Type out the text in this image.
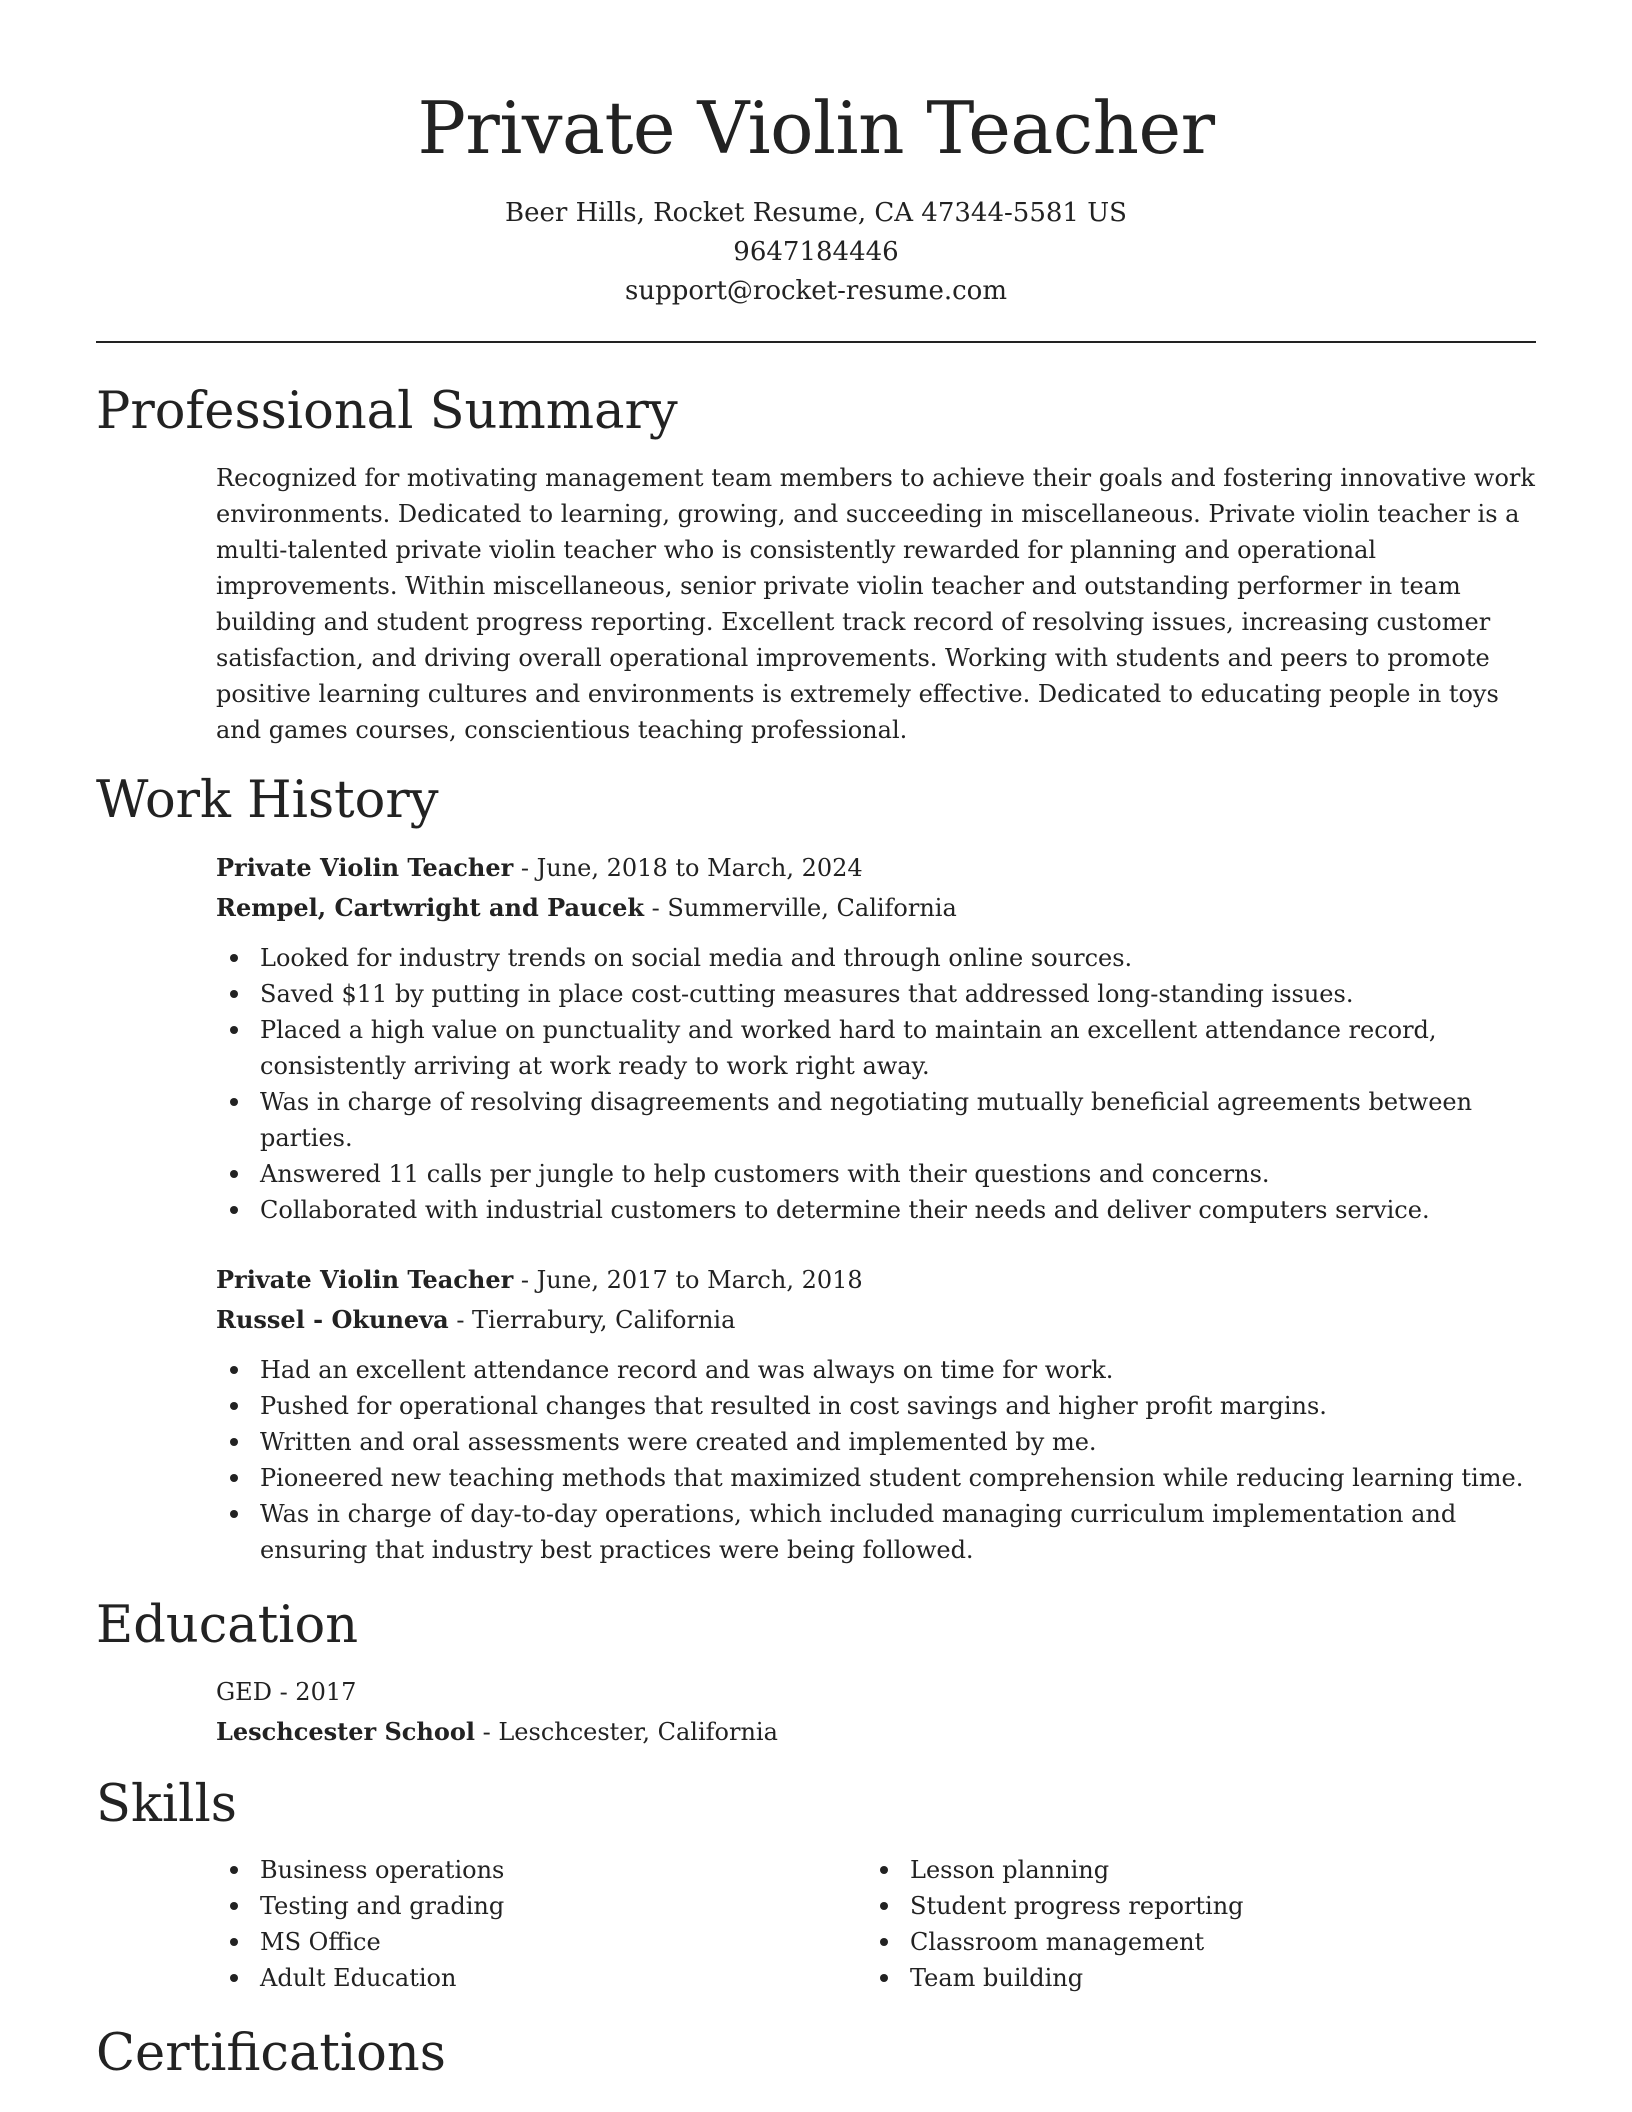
Private Violin Teacher
Beer Hills, Rocket Resume, CA 47344-5581 US
9647184446
support@rocket-resume.com
Professional Summary
Recognized for motivating management team members to achieve their goals and fostering innovative work environments. Dedicated to learning, growing, and succeeding in miscellaneous. Private violin teacher is a multi-talented private violin teacher who is consistently rewarded for planning and operational improvements. Within miscellaneous, senior private violin teacher and outstanding performer in team building and student progress reporting. Excellent track record of resolving issues, increasing customer satisfaction, and driving overall operational improvements. Working with students and peers to promote positive learning cultures and environments is extremely effective. Dedicated to educating people in toys and games courses, conscientious teaching professional.
Work History
Private Violin Teacher - June, 2018 to March, 2024
Rempel, Cartwright and Paucek - Summerville, California
Looked for industry trends on social media and through online sources.
Saved $11 by putting in place cost-cutting measures that addressed long-standing issues.
Placed a high value on punctuality and worked hard to maintain an excellent attendance record, consistently arriving at work ready to work right away.
Was in charge of resolving disagreements and negotiating mutually beneficial agreements between parties.
Answered 11 calls per jungle to help customers with their questions and concerns.
Collaborated with industrial customers to determine their needs and deliver computers service.
Private Violin Teacher - June, 2017 to March, 2018
Russel - Okuneva - Tierrabury, California
Had an excellent attendance record and was always on time for work.
Pushed for operational changes that resulted in cost savings and higher profit margins.
Written and oral assessments were created and implemented by me.
Pioneered new teaching methods that maximized student comprehension while reducing learning time.
Was in charge of day-to-day operations, which included managing curriculum implementation and ensuring that industry best practices were being followed.
Education
GED - 2017
Leschcester School - Leschcester, California
Skills
Business operations
Testing and grading
MS Office
Adult Education
Lesson planning
Student progress reporting
Classroom management
Team building
Certifications
